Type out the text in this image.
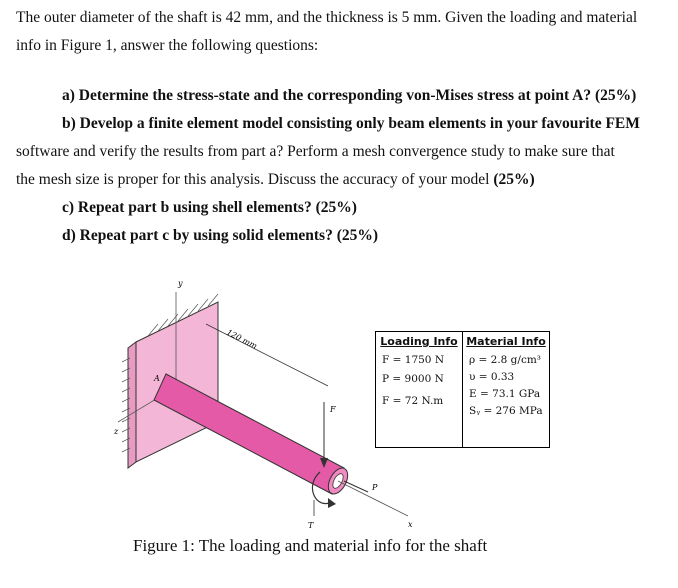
The outer diameter of the shaft is 42 mm, and the thickness is 5 mm. Given the loading and material
info in Figure 1, answer the following questions:

a) Determine the stress-state and the corresponding von-Mises stress at point A? (25%)

b) Develop a finite element model consisting only beam elements in your favourite FEM

software and verify the results from part a? Perform a mesh convergence study to make sure that

the mesh size is proper for this analysis. Discuss the accuracy of your model (25%)

c) Repeat part b using shell elements? (25%)

d) Repeat part c by using solid elements? (25%)

y
z
x
A
120 mm
F
P
T
Loading Info
F = 1750 N
P = 9000 N
F = 72 N.m
Material Info
ρ = 2.8 g/cm³
υ = 0.33
E = 73.1 GPa
Sᵧ = 276 MPa
Figure 1: The loading and material info for the shaft
